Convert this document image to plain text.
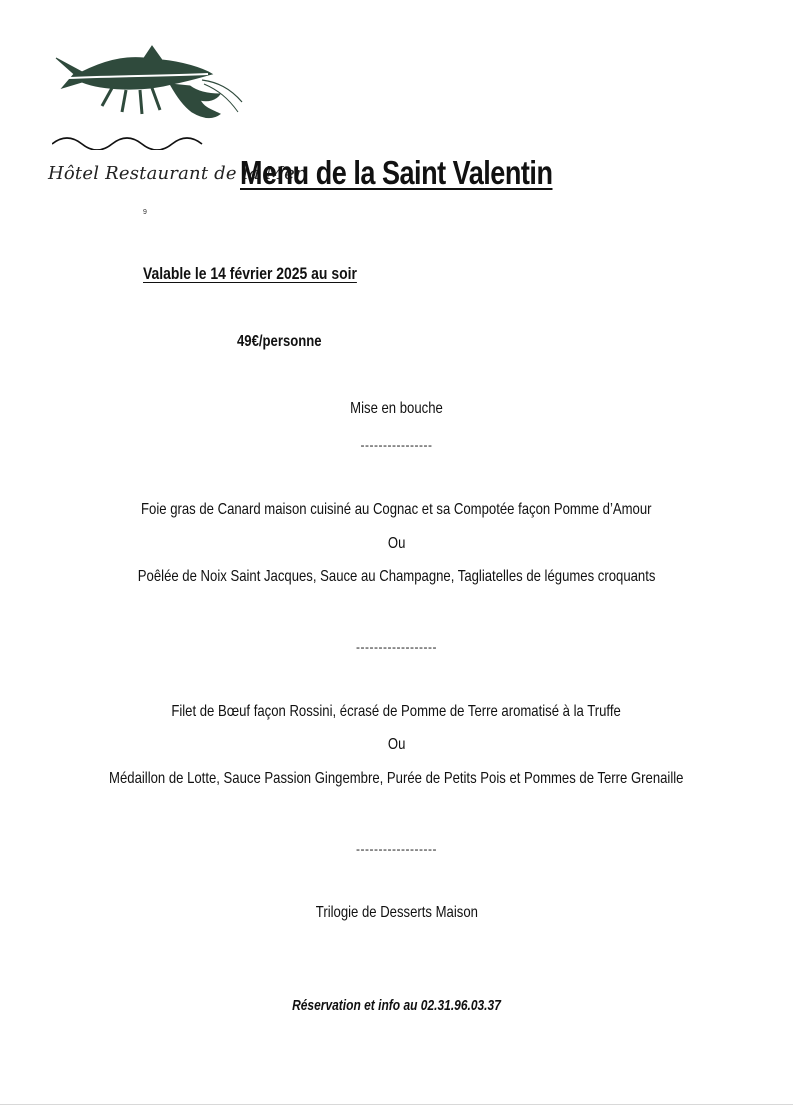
Hôtel Restaurant de la Mer
9
Menu de la Saint Valentin
Valable le 14 février 2025 au soir
49€/personne
Mise en bouche
----------------
Foie gras de Canard maison cuisiné au Cognac et sa Compotée façon Pomme d’Amour
Ou
Poêlée de Noix Saint Jacques, Sauce au Champagne, Tagliatelles de légumes croquants
------------------
Filet de Bœuf façon Rossini, écrasé de Pomme de Terre aromatisé à la Truffe
Ou
Médaillon de Lotte, Sauce Passion Gingembre, Purée de Petits Pois et Pommes de Terre Grenaille
------------------
Trilogie de Desserts Maison
Réservation et info au 02.31.96.03.37
